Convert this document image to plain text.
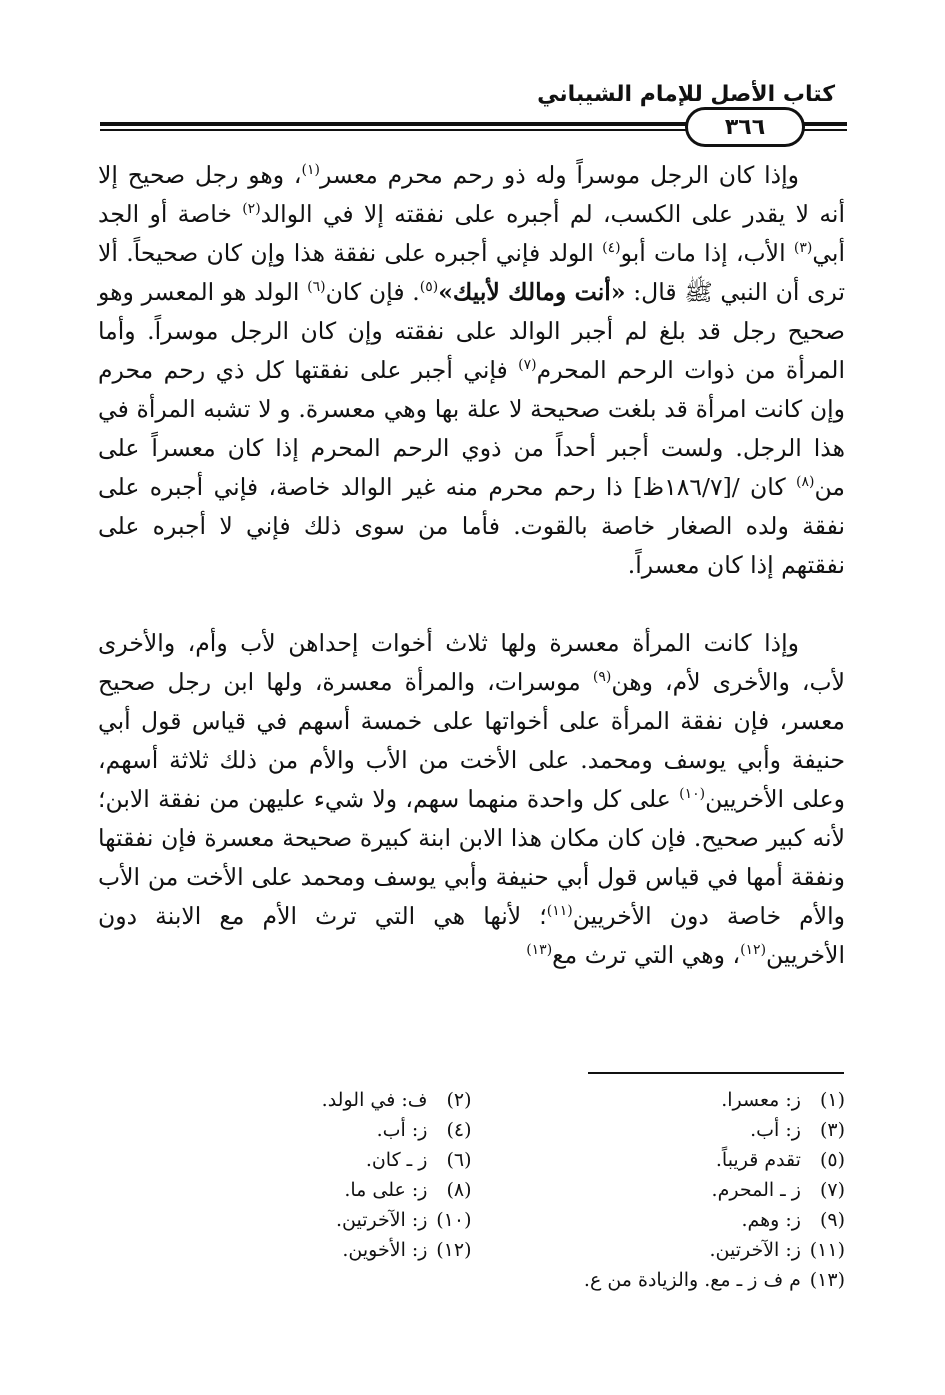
كتاب الأصل للإمام الشيباني
٣٦٦

وإذا كان الرجل موسراً وله ذو رحم محرم معسر$^{(١)}$، وهو رجل صحيح إلا أنه لا يقدر على الكسب، لم أجبره على نفقته إلا في الوالد$^{(٢)}$ خاصة أو الجد أبي$^{(٣)}$ الأب، إذا مات أبو$^{(٤)}$ الولد فإني أجبره على نفقة هذا وإن كان صحيحاً. ألا ترى أن النبي ﷺ قال: «أنت ومالك لأبيك»$^{(٥)}$. فإن كان$^{(٦)}$ الولد هو المعسر وهو صحيح رجل قد بلغ لم أجبر الوالد على نفقته وإن كان الرجل موسراً. وأما المرأة من ذوات الرحم المحرم$^{(٧)}$ فإني أجبر على نفقتها كل ذي رحم محرم وإن كانت امرأة قد بلغت صحيحة لا علة بها وهي معسرة. و لا تشبه المرأة في هذا الرجل. ولست أجبر أحداً من ذوي الرحم المحرم إذا كان معسراً على من$^{(٨)}$ كان /[١٨٦/٧ظ] ذا رحم محرم منه غير الوالد خاصة، فإني أجبره على نفقة ولده الصغار خاصة بالقوت. فأما من سوى ذلك فإني لا أجبره على نفقتهم إذا كان معسراً.

وإذا كانت المرأة معسرة ولها ثلاث أخوات إحداهن لأب وأم، والأخرى لأب، والأخرى لأم، وهن$^{(٩)}$ موسرات، والمرأة معسرة، ولها ابن رجل صحيح معسر، فإن نفقة المرأة على أخواتها على خمسة أسهم في قياس قول أبي حنيفة وأبي يوسف ومحمد. على الأخت من الأب والأم من ذلك ثلاثة أسهم، وعلى الأخريين$^{(١٠)}$ على كل واحدة منهما سهم، ولا شيء عليهن من نفقة الابن؛ لأنه كبير صحيح. فإن كان مكان هذا الابن ابنة كبيرة صحيحة معسرة فإن نفقتها ونفقة أمها في قياس قول أبي حنيفة وأبي يوسف ومحمد على الأخت من الأب والأم خاصة دون الأخريين$^{(١١)}$؛ لأنها هي التي ترث الأم مع الابنة دون الأخريين$^{(١٢)}$، وهي التي ترث مع$^{(١٣)}$

(١) ز: معسرا.
(٢) ف: في الولد.
(٣) ز: أب.
(٤) ز: أب.
(٥) تقدم قريباً.
(٦) ز ـ كان.
(٧) ز ـ المحرم.
(٨) ز: على ما.
(٩) ز: وهم.
(١٠) ز: الآخرتين.
(١١) ز: الآخرتين.
(١٢) ز: الأخوين.
(١٣) م ف ز ـ مع. والزيادة من ع.
